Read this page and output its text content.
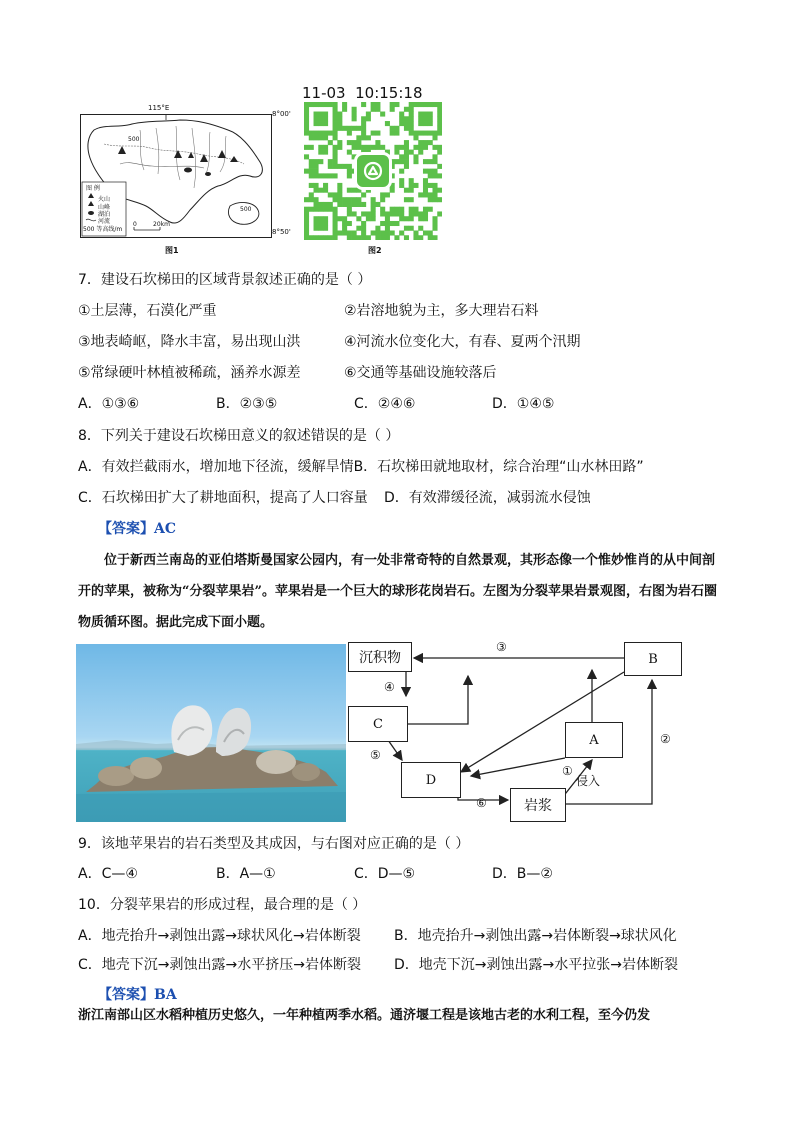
115°E
8°00'
8°50'
500
500
图 例
火山
山峰
湖泊
河流
500 等高线/m
0	20km
图1
11-03  10:15:18
图2
7．建设石坎梯田的区域背景叙述正确的是（ ）
①土层薄，石漠化严重	②岩溶地貌为主，多大理岩石料
③地表崎岖，降水丰富，易出现山洪	④河流水位变化大，有春、夏两个汛期
⑤常绿硬叶林植被稀疏，涵养水源差	⑥交通等基础设施较落后
A．①③⑥	B．②③⑤	C．②④⑥	D．①④⑤
8．下列关于建设石坎梯田意义的叙述错误的是（ ）
A．有效拦截雨水，增加地下径流，缓解旱情B．石坎梯田就地取材，综合治理“山水林田路”
C．石坎梯田扩大了耕地面积，提高了人口容量 D．有效滞缓径流，减弱流水侵蚀
【答案】AC
位于新西兰南岛的亚伯塔斯曼国家公园内，有一处非常奇特的自然景观，其形态像一个惟妙惟肖的从中间剖开的苹果，被称为“分裂苹果岩”。苹果岩是一个巨大的球形花岗岩石。左图为分裂苹果岩景观图，右图为岩石圈物质循环图。据此完成下面小题。
沉积物	B
C
A
D
岩浆
③
④
⑤
⑥
①
侵入
②
9．该地苹果岩的岩石类型及其成因，与右图对应正确的是（ ）
A．C—④	B．A—①	C．D—⑤	D．B—②
10．分裂苹果岩的形成过程，最合理的是（ ）
A．地壳抬升→剥蚀出露→球状风化→岩体断裂 B．地壳抬升→剥蚀出露→岩体断裂→球状风化
C．地壳下沉→剥蚀出露→水平挤压→岩体断裂 D．地壳下沉→剥蚀出露→水平拉张→岩体断裂
【答案】BA
浙江南部山区水稻种植历史悠久，一年种植两季水稻。通济堰工程是该地古老的水利工程，至今仍发
